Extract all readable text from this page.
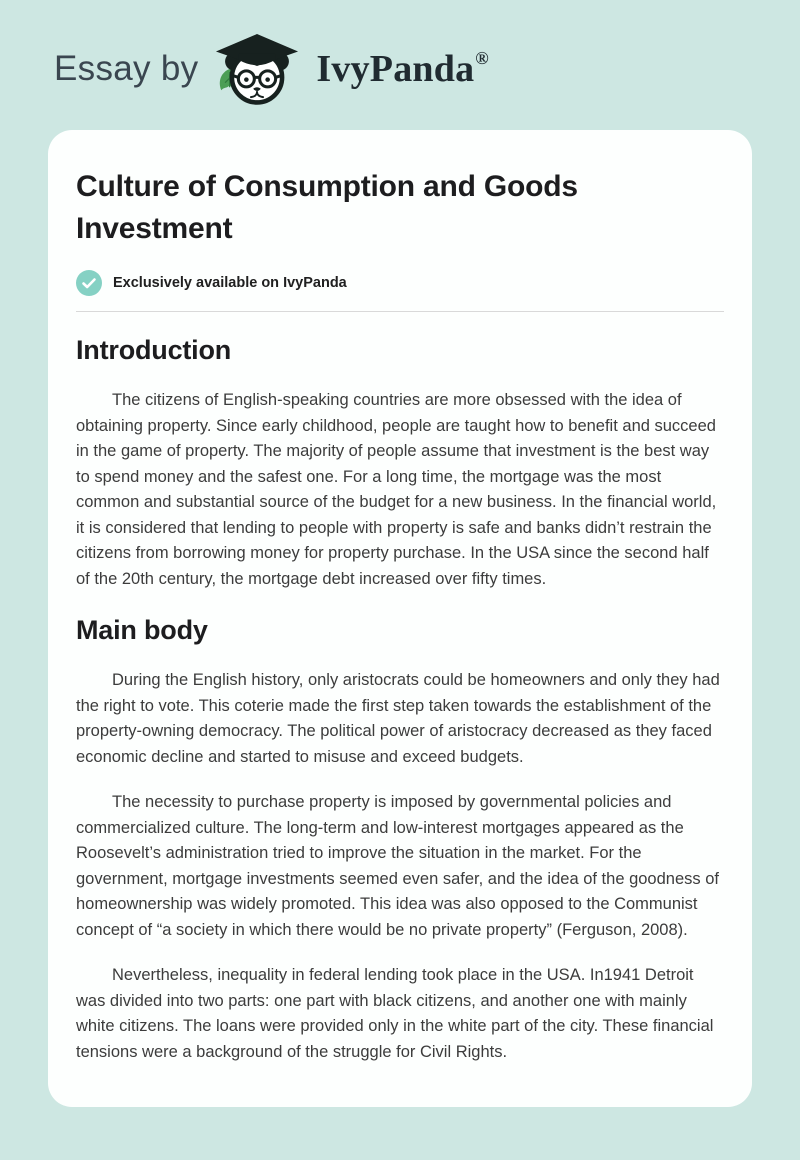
Essay by	IvyPanda®
Culture of Consumption and Goods Investment
Exclusively available on IvyPanda
Introduction

The citizens of English-speaking countries are more obsessed with the idea of obtaining property. Since early childhood, people are taught how to benefit and succeed in the game of property. The majority of people assume that investment is the best way to spend money and the safest one. For a long time, the mortgage was the most common and substantial source of the budget for a new business. In the financial world, it is considered that lending to people with property is safe and banks didn’t restrain the citizens from borrowing money for property purchase. In the USA since the second half of the 20th century, the mortgage debt increased over fifty times.

Main body

During the English history, only aristocrats could be homeowners and only they had the right to vote. This coterie made the first step taken towards the establishment of the property-owning democracy. The political power of aristocracy decreased as they faced economic decline and started to misuse and exceed budgets.

The necessity to purchase property is imposed by governmental policies and commercialized culture. The long-term and low-interest mortgages appeared as the Roosevelt’s administration tried to improve the situation in the market. For the government, mortgage investments seemed even safer, and the idea of the goodness of homeownership was widely promoted. This idea was also opposed to the Communist concept of “a society in which there would be no private property” (Ferguson, 2008).

Nevertheless, inequality in federal lending took place in the USA. In1941 Detroit was divided into two parts: one part with black citizens, and another one with mainly white citizens. The loans were provided only in the white part of the city. These financial tensions were a background of the struggle for Civil Rights.
